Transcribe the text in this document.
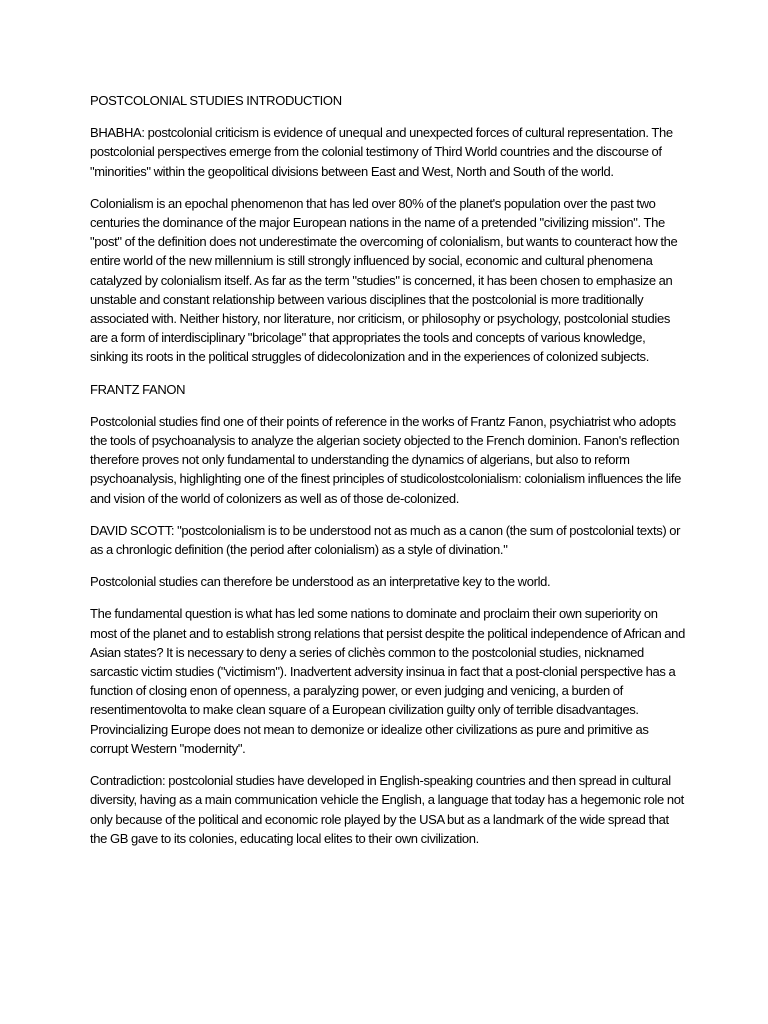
POSTCOLONIAL STUDIES INTRODUCTION

BHABHA: postcolonial criticism is evidence of unequal and unexpected forces of cultural representation. The postcolonial perspectives emerge from the colonial testimony of Third World countries and the discourse of "minorities" within the geopolitical divisions between East and West, North and South of the world.

Colonialism is an epochal phenomenon that has led over 80% of the planet's population over the past two centuries the dominance of the major European nations in the name of a pretended "civilizing mission". The "post" of the definition does not underestimate the overcoming of colonialism, but wants to counteract how the entire world of the new millennium is still strongly influenced by social, economic and cultural phenomena catalyzed by colonialism itself. As far as the term "studies" is concerned, it has been chosen to emphasize an unstable and constant relationship between various disciplines that the postcolonial is more traditionally associated with. Neither history, nor literature, nor criticism, or philosophy or psychology, postcolonial studies are a form of interdisciplinary "bricolage" that appropriates the tools and concepts of various knowledge, sinking its roots in the political struggles of didecolonization and in the experiences of colonized subjects.

FRANTZ FANON

Postcolonial studies find one of their points of reference in the works of Frantz Fanon, psychiatrist who adopts the tools of psychoanalysis to analyze the algerian society objected to the French dominion. Fanon's reflection therefore proves not only fundamental to understanding the dynamics of algerians, but also to reform psychoanalysis, highlighting one of the finest principles of studicolostcolonialism: colonialism influences the life and vision of the world of colonizers as well as of those de-colonized.

DAVID SCOTT: "postcolonialism is to be understood not as much as a canon (the sum of postcolonial texts) or as a chronlogic definition (the period after colonialism) as a style of divination."

Postcolonial studies can therefore be understood as an interpretative key to the world.

The fundamental question is what has led some nations to dominate and proclaim their own superiority on most of the planet and to establish strong relations that persist despite the political independence of African and Asian states? It is necessary to deny a series of clichès common to the postcolonial studies, nicknamed sarcastic victim studies ("victimism"). Inadvertent adversity insinua in fact that a post-clonial perspective has a function of closing enon of openness, a paralyzing power, or even judging and venicing, a burden of resentimentovolta to make clean square of a European civilization guilty only of terrible disadvantages. Provincializing Europe does not mean to demonize or idealize other civilizations as pure and primitive as corrupt Western "modernity".

Contradiction: postcolonial studies have developed in English-speaking countries and then spread in cultural diversity, having as a main communication vehicle the English, a language that today has a hegemonic role not only because of the political and economic role played by the USA but as a landmark of the wide spread that the GB gave to its colonies, educating local elites to their own civilization.
